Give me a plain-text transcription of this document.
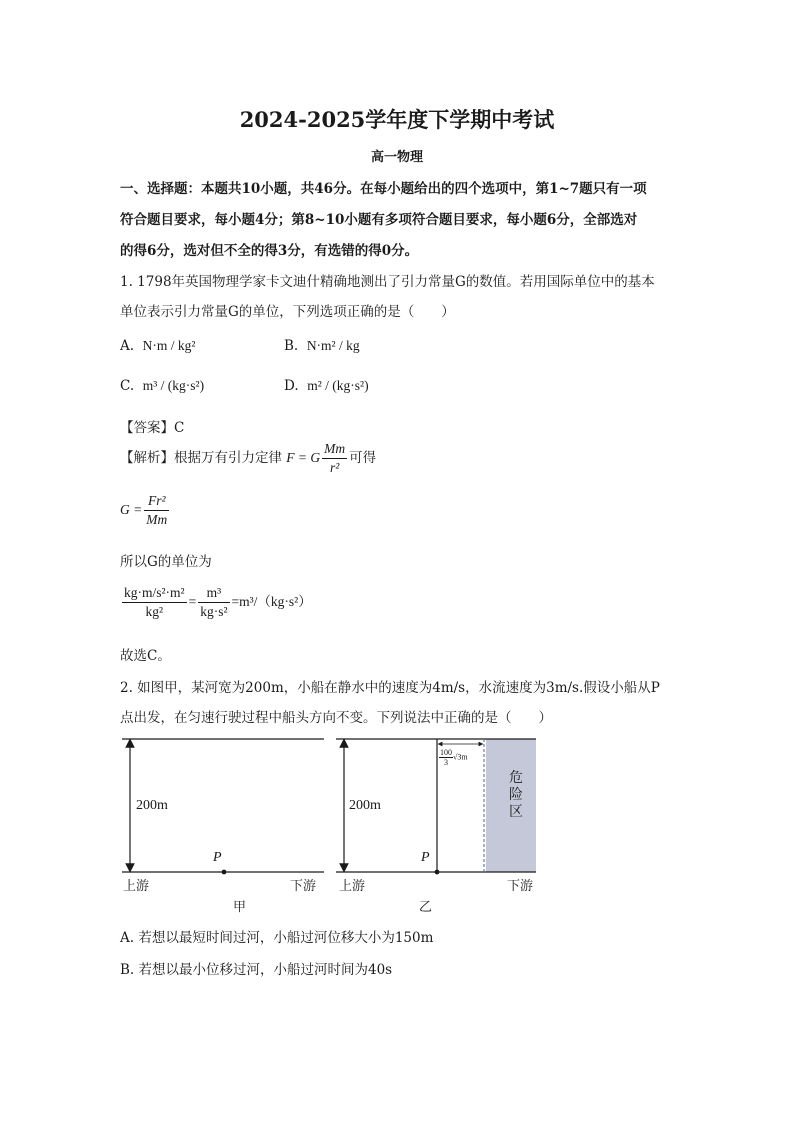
2024-2025学年度下学期中考试
高一物理
一、选择题：本题共10小题，共46分。在每小题给出的四个选项中，第1~7题只有一项
符合题目要求，每小题4分；第8~10小题有多项符合题目要求，每小题6分，全部选对
的得6分，选对但不全的得3分，有选错的得0分。
1. 1798年英国物理学家卡文迪什精确地测出了引力常量G的数值。若用国际单位中的基本
单位表示引力常量G的单位，下列选项正确的是（　　）
A. N·m / kg²	B. N·m² / kg
C. m³ / (kg·s²)	D. m² / (kg·s²)
【答案】C
【解析】根据万有引力定律 F = G $\frac{Mm}{\text{r²}}$ 可得
$G = \frac{\text{Fr²}}{Mm}$
所以G的单位为
$\frac{\text{kg·m/s²·m²}}{\text{kg²}} = \frac{\text{m³}}{\text{kg·s²}} =m^3/(kg\cdot s^2)$
故选C。
2. 如图甲，某河宽为200m，小船在静水中的速度为4m/s，水流速度为3m/s.假设小船从P
点出发，在匀速行驶过程中船头方向不变。下列说法中正确的是（　　）
200m
P
上游	下游
甲
$\frac{100}{3} √3m$
200m
P
上游	下游
乙
危
险
区
A. 若想以最短时间过河，小船过河位移大小为150m
B. 若想以最小位移过河，小船过河时间为40s
